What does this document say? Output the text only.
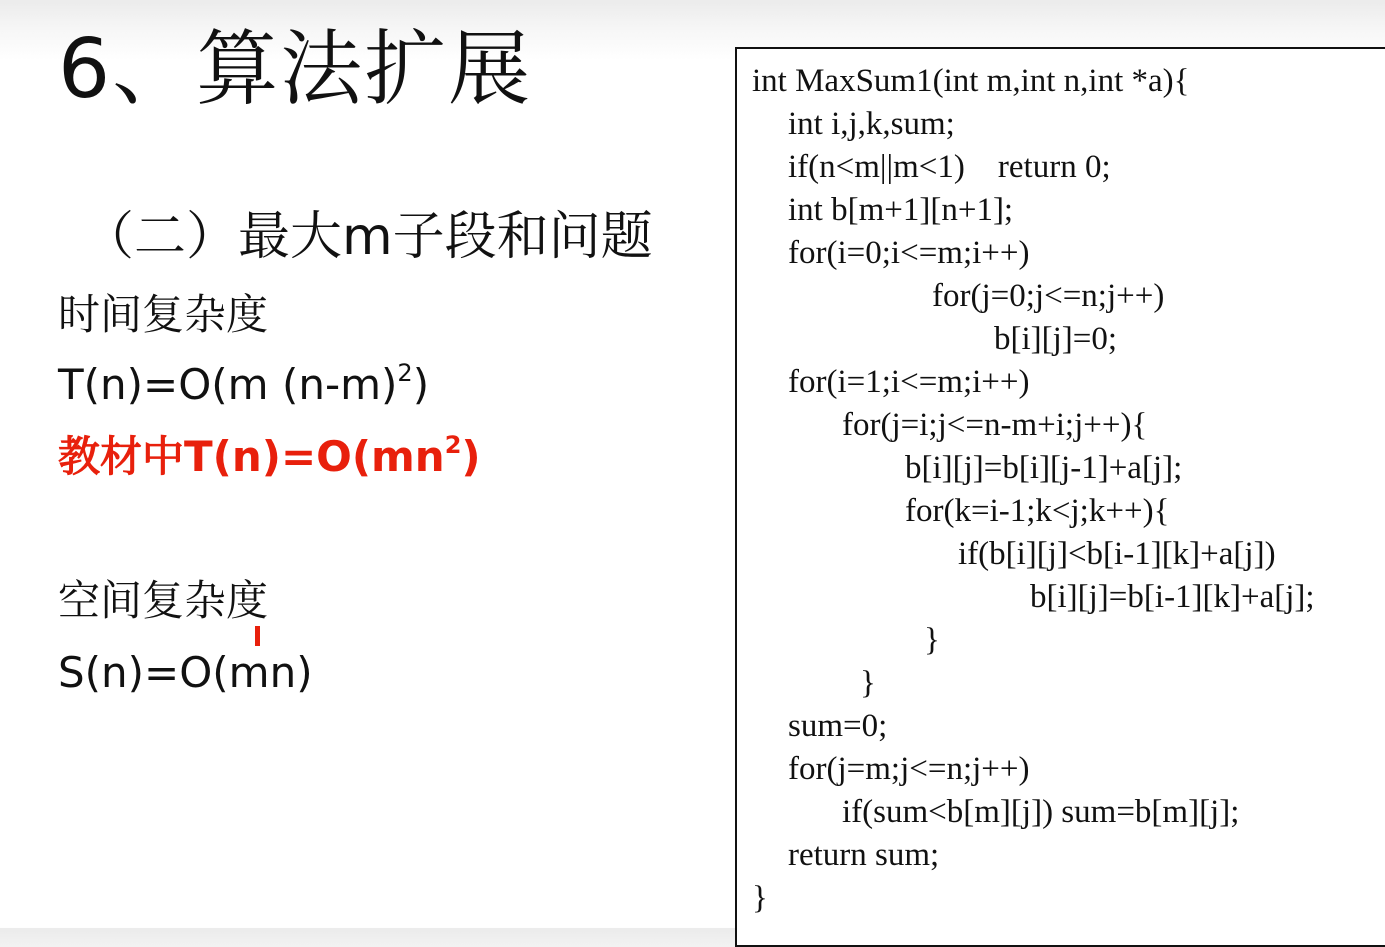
6、算法扩展
（二）最大m子段和问题
时间复杂度
T(n)=O(m $(n-m)^2$)
教材中$T(n)=O(mn^2)$
空间复杂度
S(n)=O(mn)
int MaxSum1(int m,int n,int *a){
int i,j,k,sum;
if(n<m||m<1)    return 0;
int b[m+1][n+1];
for(i=0;i<=m;i++)
for(j=0;j<=n;j++)
b[i][j]=0;
for(i=1;i<=m;i++)
for(j=i;j<=n-m+i;j++){
b[i][j]=b[i][j-1]+a[j];
for(k=i-1;k<j;k++){
if(b[i][j]<b[i-1][k]+a[j])
b[i][j]=b[i-1][k]+a[j];
}
}
sum=0;
for(j=m;j<=n;j++)
if(sum<b[m][j]) sum=b[m][j];
return sum;
}
